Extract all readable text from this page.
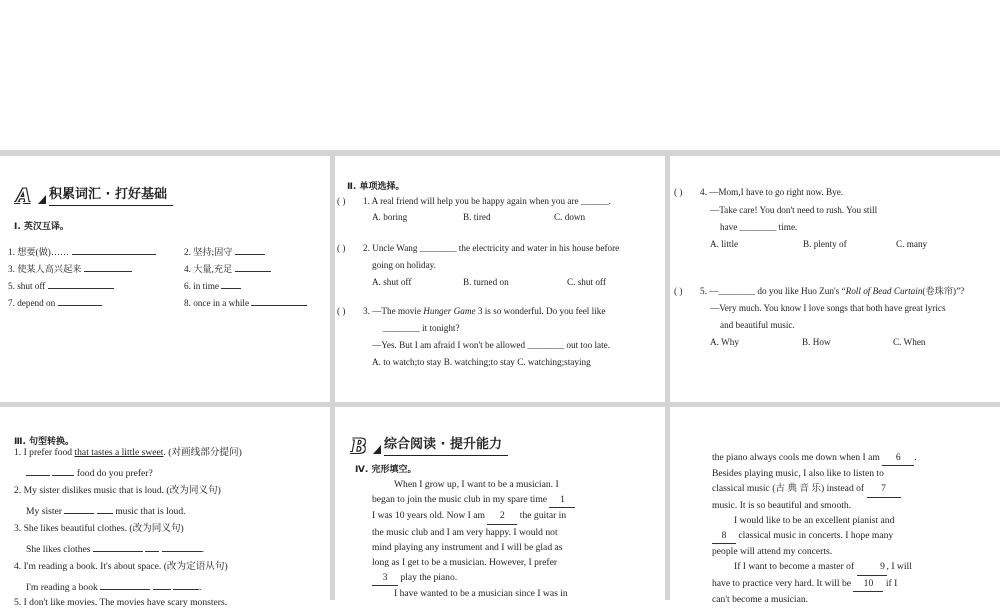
A	积累词汇 · 打好基础
Ⅰ. 英汉互译。
1. 想要(做)……	2. 坚持;固守
3. 使某人高兴起来	4. 大量,充足
5. shut off	6. in time
7. depend on	8. once in a while
Ⅱ. 单项选择。
( ) 1. A real friend will help you be happy again when you are ______.
A. boring	B. tired	C. down
( ) 2. Uncle Wang ________ the electricity and water in his house before
going on holiday.
A. shut off	B. turned on	C. shut off
( ) 3. —The movie Hunger Game 3 is so wonderful. Do you feel like
________ it tonight?
—Yes. But I am afraid I won't be allowed ________ out too late.
A. to watch;to stay B. watching;to stay C. watching;staying
( ) 4. —Mom,I have to go right now. Bye.
—Take care! You don't need to rush. You still
have ________ time.
A. little	B. plenty of	C. many
( ) 5. —________ do you like Huo Zun's “Roll of Bead Curtain(卷珠帘)”?
—Very much. You know I love songs that both have great lyrics
and beautiful music.
A. Why	B. How	C. When
Ⅲ. 句型转换。
1. I prefer food that tastes a little sweet. (对画线部分提问)
food do you prefer?
2. My sister dislikes music that is loud. (改为同义句)
My sister	music that is loud.
3. She likes beautiful clothes. (改为同义句)
She likes clothes	.
4. I'm reading a book. It's about space. (改为定语从句)
I'm reading a book	.
5. I don't like movies. The movies have scary monsters.
B	综合阅读 · 提升能力
Ⅳ. 完形填空。
When I grow up, I want to be a musician. I
began to join the music club in my spare time 1
I was 10 years old. Now I am 2 the guitar in
the music club and I am very happy. I would not
mind playing any instrument and I will be glad as
long as I get to be a musician. However, I prefer
3 play the piano.
I have wanted to be a musician since I was in
the piano always cools me down when I am 6 .
Besides playing music, I also like to listen to
classical music (古 典 音 乐) instead of 7
music. It is so beautiful and smooth.
I would like to be an excellent pianist and
8 classical music in concerts. I hope many
people will attend my concerts.
If I want to become a master of	9 , I will
have to practice very hard. It will be 10 if I
can't become a musician.
